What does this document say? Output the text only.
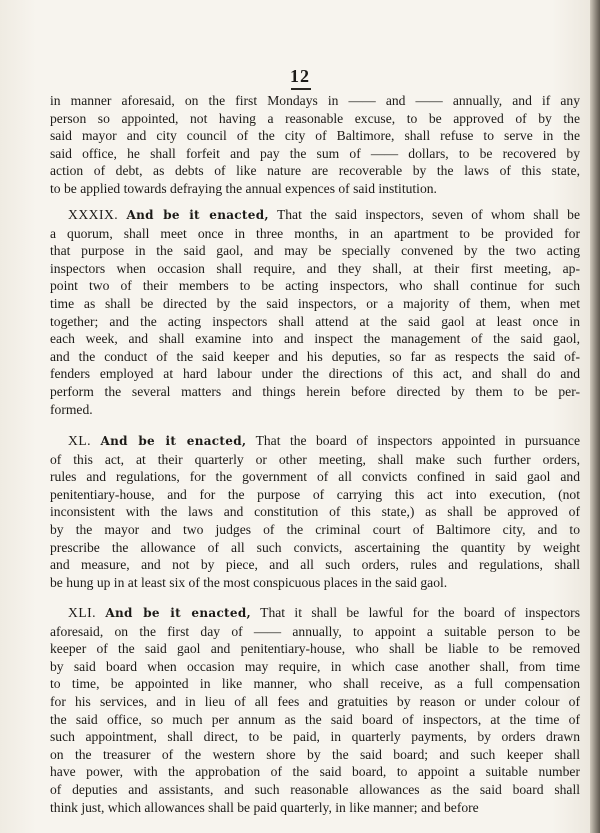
12
in manner aforesaid, on the first Mondays in —— and —— annually, and if any
person so appointed, not having a reasonable excuse, to be approved of by the
said mayor and city council of the city of Baltimore, shall refuse to serve in the
said office, he shall forfeit and pay the sum of —— dollars, to be recovered by
action of debt, as debts of like nature are recoverable by the laws of this state,
to be applied towards defraying the annual expences of said institution.
XXXIX. And be it enacted, That the said inspectors, seven of whom shall be
a quorum, shall meet once in three months, in an apartment to be provided for
that purpose in the said gaol, and may be specially convened by the two acting
inspectors when occasion shall require, and they shall, at their first meeting, ap-
point two of their members to be acting inspectors, who shall continue for such
time as shall be directed by the said inspectors, or a majority of them, when met
together; and the acting inspectors shall attend at the said gaol at least once in
each week, and shall examine into and inspect the management of the said gaol,
and the conduct of the said keeper and his deputies, so far as respects the said of-
fenders employed at hard labour under the directions of this act, and shall do and
perform the several matters and things herein before directed by them to be per-
formed.
XL. And be it enacted, That the board of inspectors appointed in pursuance
of this act, at their quarterly or other meeting, shall make such further orders,
rules and regulations, for the government of all convicts confined in said gaol and
penitentiary-house, and for the purpose of carrying this act into execution, (not
inconsistent with the laws and constitution of this state,) as shall be approved of
by the mayor and two judges of the criminal court of Baltimore city, and to
prescribe the allowance of all such convicts, ascertaining the quantity by weight
and measure, and not by piece, and all such orders, rules and regulations, shall
be hung up in at least six of the most conspicuous places in the said gaol.
XLI. And be it enacted, That it shall be lawful for the board of inspectors
aforesaid, on the first day of —— annually, to appoint a suitable person to be
keeper of the said gaol and penitentiary-house, who shall be liable to be removed
by said board when occasion may require, in which case another shall, from time
to time, be appointed in like manner, who shall receive, as a full compensation
for his services, and in lieu of all fees and gratuities by reason or under colour of
the said office, so much per annum as the said board of inspectors, at the time of
such appointment, shall direct, to be paid, in quarterly payments, by orders drawn
on the treasurer of the western shore by the said board; and such keeper shall
have power, with the approbation of the said board, to appoint a suitable number
of deputies and assistants, and such reasonable allowances as the said board shall
think just, which allowances shall be paid quarterly, in like manner; and before
